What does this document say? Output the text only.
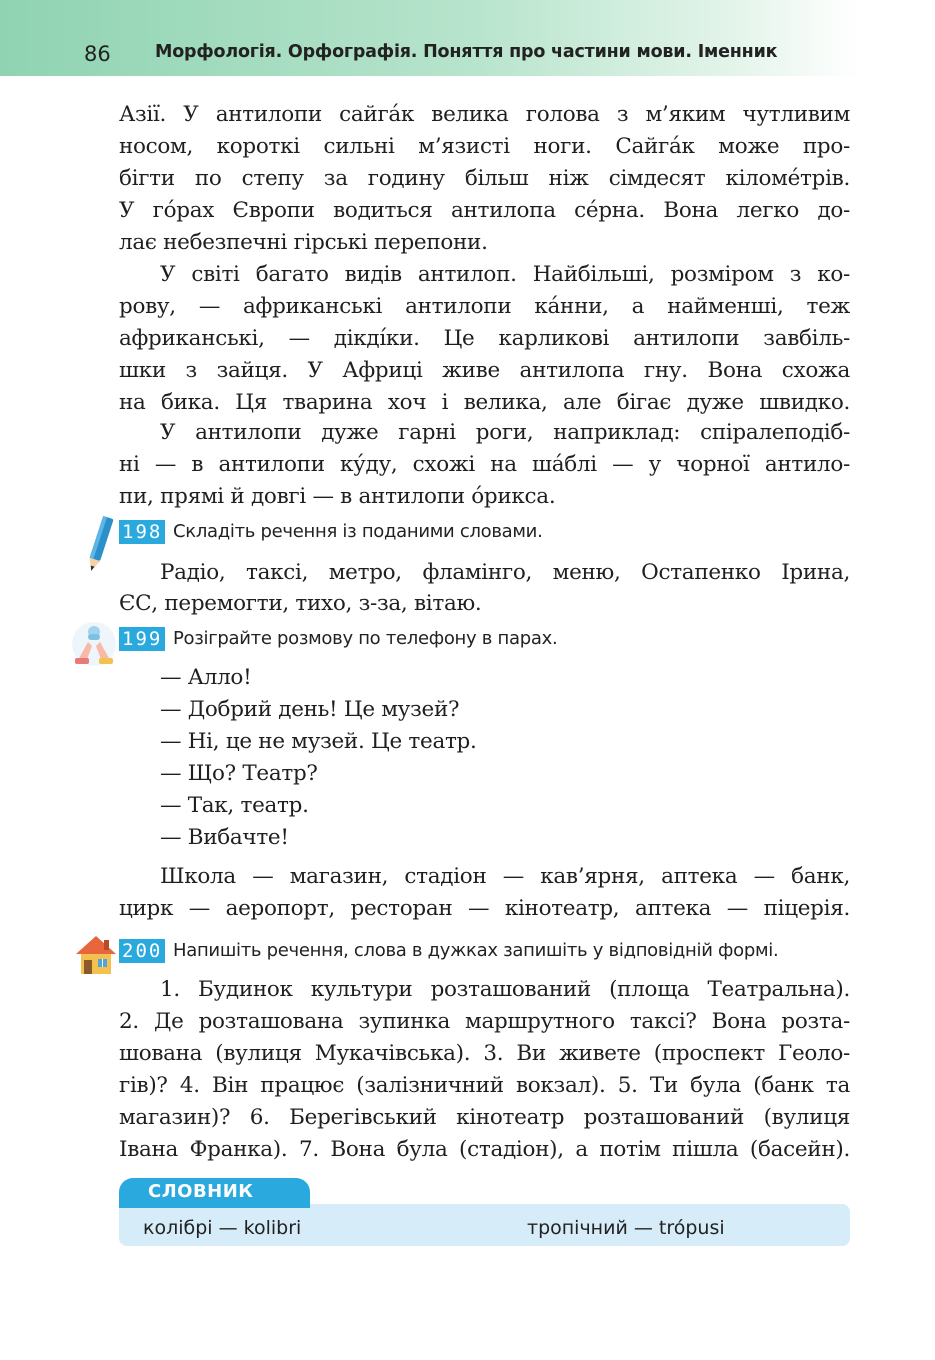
86	Морфологія. Орфографія. Поняття про частини мови. Іменник
Азії. У антилопи сайга́к велика голова з м’яким чутливим
носом, короткі сильні м’язисті ноги. Сайга́к може про-
бігти по степу за годину більш ніж сімдесят кіломе́трів.
У го́рах Європи водиться антилопа се́рна. Вона легко до-
лає небезпечні гірські перепони.
У світі багато видів антилоп. Найбільші, розміром з ко-
рову, — африканські антилопи ка́нни, а найменші, теж
африканські, — дікді́ки. Це карликові антилопи завбіль-
шки з зайця. У Африці живе антилопа гну. Вона схожа
на бика. Ця тварина хоч і велика, але бігає дуже швидко.
У антилопи дуже гарні роги, наприклад: спіралеподіб-
ні — в антилопи ку́ду, схожі на ша́блі — у чорної антило-
пи, прямі й довгі — в антилопи о́рикса.
198 Складіть речення із поданими словами.
Радіо, таксі, метро, фламінго, меню, Остапенко Ірина,
ЄС, перемогти, тихо, з-за, вітаю.
199 Розіграйте розмову по телефону в парах.
— Алло!
— Добрий день! Це музей?
— Ні, це не музей. Це театр.
— Що? Театр?
— Так, театр.
— Вибачте!
Школа — магазин, стадіон — кав’ярня, аптека — банк,
цирк — аеропорт, ресторан — кінотеатр, аптека — піцерія.
200 Напишіть речення, слова в дужках запишіть у відповідній формі.
1. Будинок культури розташований (площа Театральна).
2. Де розташована зупинка маршрутного таксі? Вона розта-
шована (вулиця Мукачівська). 3. Ви живете (проспект Геоло-
гів)? 4. Він працює (залізничний вокзал). 5. Ти була (банк та
магазин)? 6. Берегівський кінотеатр розташований (вулиця
Івана Франка). 7. Вона була (стадіон), а потім пішла (басейн).
СЛОВНИК
колібрі — kolibri	тропічний — trópusi
